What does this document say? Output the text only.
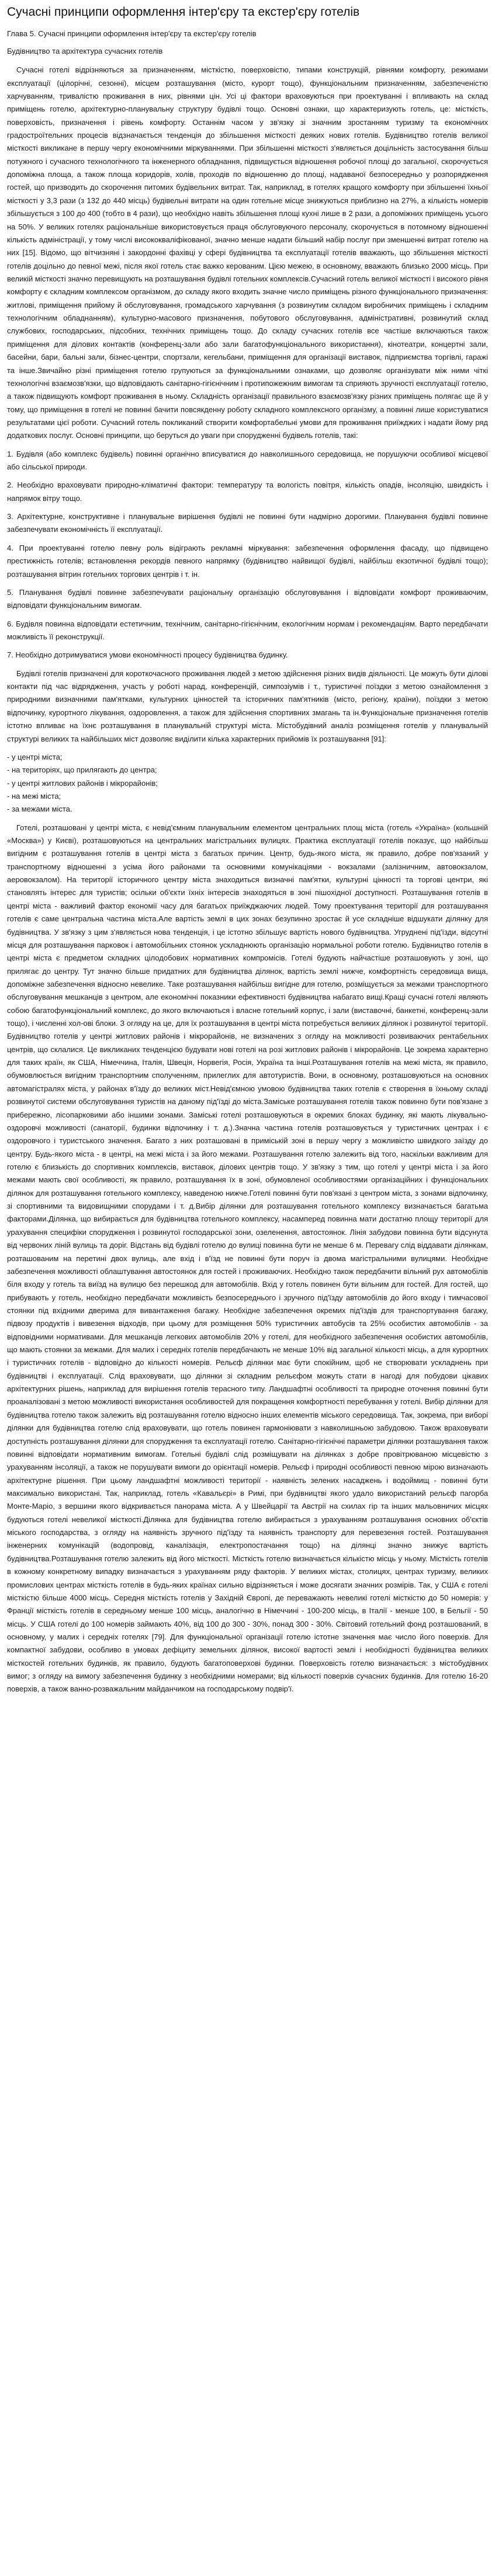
Сучасні принципи оформлення інтер'єру та екстер'єру готелів
Глава 5. Сучасні принципи оформлення інтер'єру та екстер'єру готелів
Будівництво та архітектура сучасних готелів

Сучасні готелі відрізняються за призначенням, місткістю, поверховістю, типами конструкцій, рівнями комфорту, режимами експлуатації (цілорічні, сезонні), місцем розташування (місто, курорт тощо), функціональним призначенням, забезпеченістю харчуванням, тривалістю проживання в них, рівнями цін. Усі ці фактори враховуються при проектуванні і впливають на склад приміщень готелю, архітектурно-планувальну структуру будівлі тощо. Основні ознаки, що характеризують готель, це: місткість, поверховість, призначення і рівень комфорту. Останнім часом у зв'язку зі значним зростанням туризму та економічних градостроїтельних процесів відзначається тенденція до збільшення місткості деяких нових готелів. Будівництво готелів великої місткості викликане в першу чергу економічними міркуваннями. При збільшенні місткості з'являється доцільність застосування більш потужного і сучасного технологічного та інженерного обладнання, підвищується відношення робочої площі до загальної, скорочується допоміжна площа, а також площа коридорів, холів, проходів по відношенню до площі, надаваної безпосередньо у розпорядження гостей, що призводить до скорочення питомих будівельних витрат. Так, наприклад, в готелях кращого комфорту при збільшенні їхньої місткості у 3,3 рази (з 132 до 440 місць) будівельні витрати на один готельне місце знижуються приблизно на 27%, а кількість номерів збільшується з 100 до 400 (тобто в 4 рази), що необхідно навіть збільшення площі кухні лише в 2 рази, а допоміжних приміщень усього на 50%. У великих готелях раціональніше використовується праця обслуговуючого персоналу, скорочується в потомному відношенні кількість адміністрації, у тому числі висококваліфікованої, значно менше надати більший набір послуг при зменшенні витрат готелю на них [15]. Відомо, що вітчизняні і закордонні фахівці у сфері будівництва та експлуатації готелів вважають, що збільшення місткості готелів доцільно до певної межі, після якої готель стає важко керованим. Цією межею, в основному, вважають близько 2000 місць. При великій місткості значно перевищують на розташування будівлі готельних комплексів.Сучасний готель великої місткості і високого рівня комфорту є складним комплексом організмом, до складу якого входить значне число приміщень різного функціонального призначення: житлові, приміщення прийому й обслуговування, громадського харчування (з розвинутим складом виробничих приміщень і складним технологічним обладнанням), культурно-масового призначення, побутового обслуговування, адміністративні, розвинутий склад службових, господарських, підсобних, технічних приміщень тощо. До складу сучасних готелів все частіше включаються також приміщення для ділових контактів (конференц-зали або зали багатофункціонального використання), кінотеатри, концертні зали, басейни, бари, бальні зали, бізнес-центри, спортзали, кегельбани, приміщення для організації виставок, підприємства торгівлі, гаражі та інше.Звичайно різні приміщення готелю групуються за функціональними ознаками, що дозволяє організувати між ними чіткі технологічні взаємозв'язки, що відповідають санітарно-гігієнічним і протипожежним вимогам та сприяють зручності експлуатації готелю, а також підвищують комфорт проживання в ньому. Складність організації правильного взаємозв'язку різних приміщень полягає ще й у тому, що приміщення в готелі не повинні бачити повсякденну роботу складного комплексного організму, а повинні лише користуватися результатами цієї роботи. Сучасний готель покликаний створити комфортабельні умови для проживання приїжджих і надати йому ряд додаткових послуг. Основні принципи, що беруться до уваги при спорудженні будівель готелів, такі:

1. Будівля (або комплекс будівель) повинні органічно вписуватися до навколишнього середовища, не порушуючи особливої місцевої або сільської природи.

2. Необхідно враховувати природно-кліматичні фактори: температуру та вологість повітря, кількість опадів, інсоляцію, швидкість і напрямок вітру тощо.

3. Архітектурне, конструктивне і планувальне вирішення будівлі не повинні бути надмірно дорогими. Планування будівлі повинне забезпечувати економічність її експлуатації.

4. При проектуванні готелю певну роль відіграють рекламні міркування: забезпечення оформлення фасаду, що підвищено престижність готелів; встановлення рекордів певного напрямку (будівництво найвищої будівлі, найбільш екзотичної будівлі тощо); розташування вітрин готельних торгових центрів і т. ін.

5. Планування будівлі повинне забезпечувати раціональну організацію обслуговування і відповідати комфорт проживаючим, відповідати функціональним вимогам.

6. Будівля повинна відповідати естетичним, технічним, санітарно-гігієнічним, екологічним нормам і рекомендаціям. Варто передбачати можливість її реконструкції.

7. Необхідно дотримуватися умови економічності процесу будівництва будинку.

Будівлі готелів призначені для короткочасного проживання людей з метою здійснення різних видів діяльності. Це можуть бути ділові контакти під час відрядження, участь у роботі нарад, конференцій, симпозіумів і т., туристичні поїздки з метою ознайомлення з природними визначними пам'ятками, культурних цінностей та історичних пам'ятників (місто, регіону, країни), поїздки з метою відпочинку, курортного лікування, оздоровлення, а також для здійснення спортивних змагань та ін.Функціональне призначення готелів істотно впливає на їхнє розташування в планувальній структурі міста. Містобудівний аналіз розміщення готелів у планувальній структурі великих та найбільших міст дозволяє виділити кілька характерних прийомів їх розташування [91]:

- у центрі міста;

- на територіях, що прилягають до центра;

- у центрі житлових районів і мікрорайонів;

- на межі міста;

- за межами міста.

Готелі, розташовані у центрі міста, є невід'ємним планувальним елементом центральних площ міста (готель «Україна» (кольшній «Москва») у Києві), розташовуються на центральних магістральних вулицях. Практика експлуатації готелів показує, що найбільш вигідним є розташування готелів в центрі міста з багатьох причин. Центр, будь-якого міста, як правило, добре пов'язаний у транспортному відношенні з усіма його районами та основними комунікаціями - вокзалами (залізничним, автовокзалом, аеровокзалом). На території історичного центру міста знаходиться визначні пам'ятки, культурні цінності та торгові центри, які становлять інтерес для туристів; осільки об'єкти їхніх інтересів знаходяться в зоні пішохідної доступності. Розташування готелів в центрі міста - важливий фактор економії часу для багатьох приїжджаючих людей. Тому проектування території для розташування готелів є саме центральна частина міста.Але вартість землі в цих зонах безупинно зростає й усе складніше відшукати ділянку для будівництва. У зв'язку з цим з'являється нова тенденція, і це істотно збільшує вартість нового будівництва. Угруднені під'їзди, відсутні місця для розташування парковок і автомобільних стоянок ускладнюють організацію нормальної роботи готелю. Будівництво готелів в центрі міста є предметом складних цілодобових нормативних компромісів. Готелі будують найчастіше розташовують у зоні, що прилягає до центру. Тут значно більше придатних для будівництва ділянок, вартість землі нижче, комфортність середовища вища, допоміжне забезпечення відносно невелике. Таке розташування найбільш вигідне для готелю, розміщується за межами транспортного обслуговування мешканців з центром, але економічні показники ефективності будівництва набагато вищі.Кращі сучасні готелі являють собою багатофункціональний комплекс, до якого включаються і власне готельний корпус, і зали (виставочні, банкетні, конференц-зали тощо), і численні хол-ові блоки. З огляду на це, для їх розташування в центрі міста потребується великих ділянок і розвинутої території. Будівництво готелів у центрі житлових районів і мікрорайонів, не визначених з огляду на можливості розвиваючих рентабельних центрів, що склалися. Це викликаних тенденцією будувати нові готелі на розі житлових районів і мікрорайонів. Це зокрема характерно для таких країн, як США, Німеччина, Італія, Швеція, Норвегія, Росія, Україна та інші.Розташування готелів на межі міста, як правило, обумовлюється вигідним транспортним сполученням, прилеглих для автотуристів. Вони, в основному, розташовуються на основних автомагістралях міста, у районах в'їзду до великих міст.Невід'ємною умовою будівництва таких готелів є створення в їхньому складі розвинутої системи обслуговування туристів на даному під'їзді до міста.Заміське розташування готелів також повинно бути пов'язане з прибережно, лісопарковими або іншими зонами. Заміські готелі розташовуються в окремих блоках будинку, які мають лікувально-оздоровчі можливості (санаторії, будинки відпочинку і т. д.).Значна частина готелів розташовується у туристичних центрах і є оздоровчого і туристського значення. Багато з них розташовані в приміській зоні в першу чергу з можливістю швидкого заїзду до центру. Будь-якого міста - в центрі, на межі міста і за його межами. Розташування готелю залежить від того, наскільки важливим для готелю є близькість до спортивних комплексів, виставок, ділових центрів тощо. У зв'язку з тим, що готелі у центрі міста і за його межами мають свої особливості, як правило, розташування їх в зоні, обумовленої особливостями організаційних і функціональних ділянок для розташування готельного комплексу, наведеною нижче.Готелі повинні бути пов'язані з центром міста, з зонами відпочинку, зі спортивними та видовищними спорудами і т. д.Вибір ділянки для розташування готельного комплексу визначається багатьма факторами.Ділянка, що вибирається для будівництва готельного комплексу, насамперед повинна мати достатню площу території для урахування специфіки спорудження і розвинутої господарської зони, озеленення, автостоянок. Лінія забудови повинна бути відсунута від червоних ліній вулиць та доріг. Відстань від будівлі готелю до вулиці повинна бути не менше 6 м. Перевагу слід віддавати ділянкам, розташованим на перетині двох вулиць, але вхід і в'їзд не повинні бути поруч із двома магістральними вулицями. Необхідне забезпечення можливості облаштування автостоянок для гостей і проживаючих. Необхідно також передбачити вільний рух автомобілів біля входу у готель та виїзд на вулицю без перешкод для автомобілів. Вхід у готель повинен бути вільним для гостей. Для гостей, що прибувають у готель, необхідно передбачати можливість безпосереднього і зручного під'їзду автомобілів до його входу і тимчасової стоянки під вхідними дверима для вивантаження багажу. Необхідне забезпечення окремих під'їздів для транспортування багажу, підвозу продуктів і вивезення відходів, при цьому для розміщення 50% туристичних автобусів та 25% особистих автомобілів - за відповідними нормативами. Для мешканців легкових автомобілів 20% у готелі, для необхідного забезпечення особистих автомобілів, що мають стоянки за межами. Для малих і середніх готелів передбачають не менше 10% від загальної кількості місць, а для курортних і туристичних готелів - відповідно до кількості номерів. Рельєф ділянки має бути спокійним, щоб не створювати ускладнень при будівництві і експлуатації. Слід враховувати, що ділянки зі складним рельєфом можуть стати в нагоді для побудови цікавих архітектурних рішень, наприклад для вирішення готелів терасного типу. Ландшафтні особливості та природне оточення повинні бути проаналізовані з метою можливості використання особливостей для покращення комфортності перебування у готелі. Вибір ділянки для будівництва готелю також залежить від розташування готелю відносно інших елементів міського середовища. Так, зокрема, при виборі ділянки для будівництва готелю слід враховувати, що готель повинен гармоніювати з навколишньою забудовою. Також враховувати доступність розташування ділянки для спорудження та експлуатації готелю. Санітарно-гігієнічні параметри ділянки розташування також повинні відповідати нормативним вимогам. Готельні будівлі слід розміщувати на ділянках з добре провітрюваною місцевістю з урахуванням інсоляції, а також не порушувати вимоги до орієнтації номерів. Рельєф і природні особливості певною мірою визначають архітектурне рішення. При цьому ландшафтні можливості території - наявність зелених насаджень і водоймищ - повинні бути максимально використані. Так, наприклад, готель «Кавальєрі» в Римі, при будівництві якого удало використаний рельєф пагорба Монте-Маріо, з вершини якого відкривається панорама міста. А у Швейцарії та Австрії на схилах гір та інших мальовничих місцях будуються готелі невеликої місткості.Ділянка для будівництва готелю вибирається з урахуванням розташування основних об'єктів міського господарства, з огляду на наявність зручного під'їзду та наявність транспорту для перевезення гостей. Розташування інженерних комунікацій (водопровід, каналізація, електропостачання тощо) на ділянці значно знижує вартість будівництва.Розташування готелю залежить від його місткості. Місткість готелю визначається кількістю місць у ньому. Місткість готелів в кожному конкретному випадку визначається з урахуванням ряду факторів. У великих містах, столицях, центрах туризму, великих промислових центрах місткість готелів в будь-яких країнах сильно відрізняється і може досягати значних розмірів. Так, у США є готелі місткістю більше 4000 місць. Середня місткість готелів у Західній Європі, де переважають невеликі готелі місткістю до 50 номерів: у Франції місткість готелів в середньому менше 100 місць, аналогічно в Німеччині - 100-200 місць, в Італії - менше 100, в Бельгії - 50 місць. У США готелі до 100 номерів займають 40%, від 100 до 300 - 30%, понад 300 - 30%. Світовий готельний фонд розташований, в основному, у малих і середніх готелях [79]. Для функціональної організації готелю істотне значення має число його поверхів. Для компактної забудови, особливо в умовах дефіциту земельних ділянок, високої вартості землі і необхідності будівництва великих місткостей готельних будинків, як правило, будують багатоповерхові будинки. Поверховість готелю визначається: з містобудівних вимог; з огляду на вимогу забезпечення будинку з необхідними номерами; від кількості поверхів сучасних будинків. Для готелю 16-20 поверхів, а також ванно-розважальним майданчиком на господарському подвір'ї.
